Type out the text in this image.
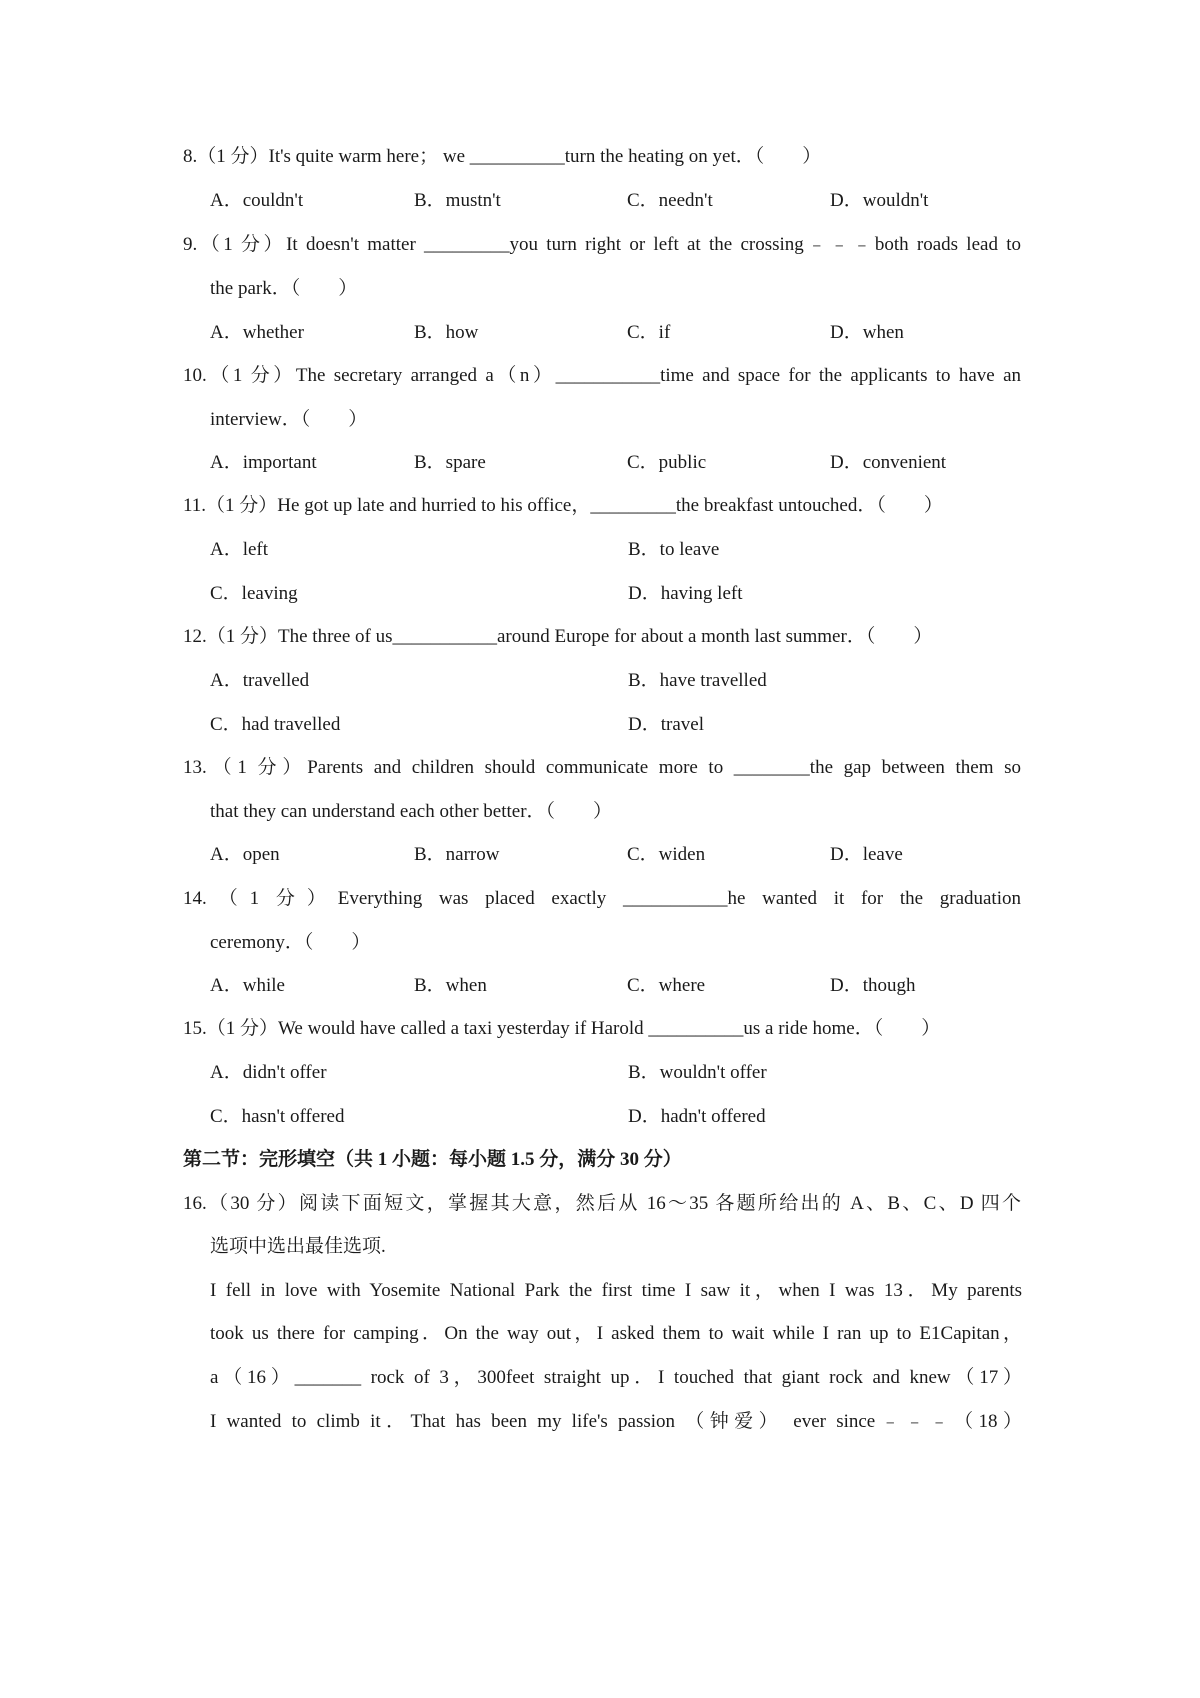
8.（1 分）It's quite warm here； we __________turn the heating on yet．（　　）
A．couldn't	B．mustn't	C．needn't	D．wouldn't
9.（1 分）It doesn't matter _________you turn right or left at the crossing﹣﹣﹣both roads lead to
the park．（　　）
A．whether	B．how	C．if	D．when
10.（1 分）The secretary arranged a（n）___________time and space for the applicants to have an
interview．（　　）
A．important	B．spare	C．public	D．convenient
11.（1 分）He got up late and hurried to his office，_________the breakfast untouched．（　　）
A．left	B．to leave
C．leaving	D．having left
12.（1 分）The three of us___________around Europe for about a month last summer．（　　）
A．travelled	B．have travelled
C．had travelled	D．travel
13.（1 分）Parents and children should communicate more to ________the gap between them so
that they can understand each other better．（　　）
A．open	B．narrow	C．widen	D．leave
14.（1 分）Everything was placed exactly ___________he wanted it for the graduation
ceremony．（　　）
A．while	B．when	C．where	D．though
15.（1 分）We would have called a taxi yesterday if Harold __________us a ride home．（　　）
A．didn't offer	B．wouldn't offer
C．hasn't offered	D．hadn't offered
第二节：完形填空（共 1 小题：每小题 1.5 分，满分 30 分）
16.（30 分）阅读下面短文，掌握其大意，然后从 16～35 各题所给出的 A、B、C、D 四个
选项中选出最佳选项.
I fell in love with Yosemite National Park the first time I saw it，when I was 13．My parents
took us there for camping．On the way out，I asked them to wait while I ran up to E1Capitan，
a（16）_______ rock of 3，300feet straight up．I touched that giant rock and knew（17）
I wanted to climb it．That has been my life's passion （钟爱） ever since﹣﹣﹣（18）
